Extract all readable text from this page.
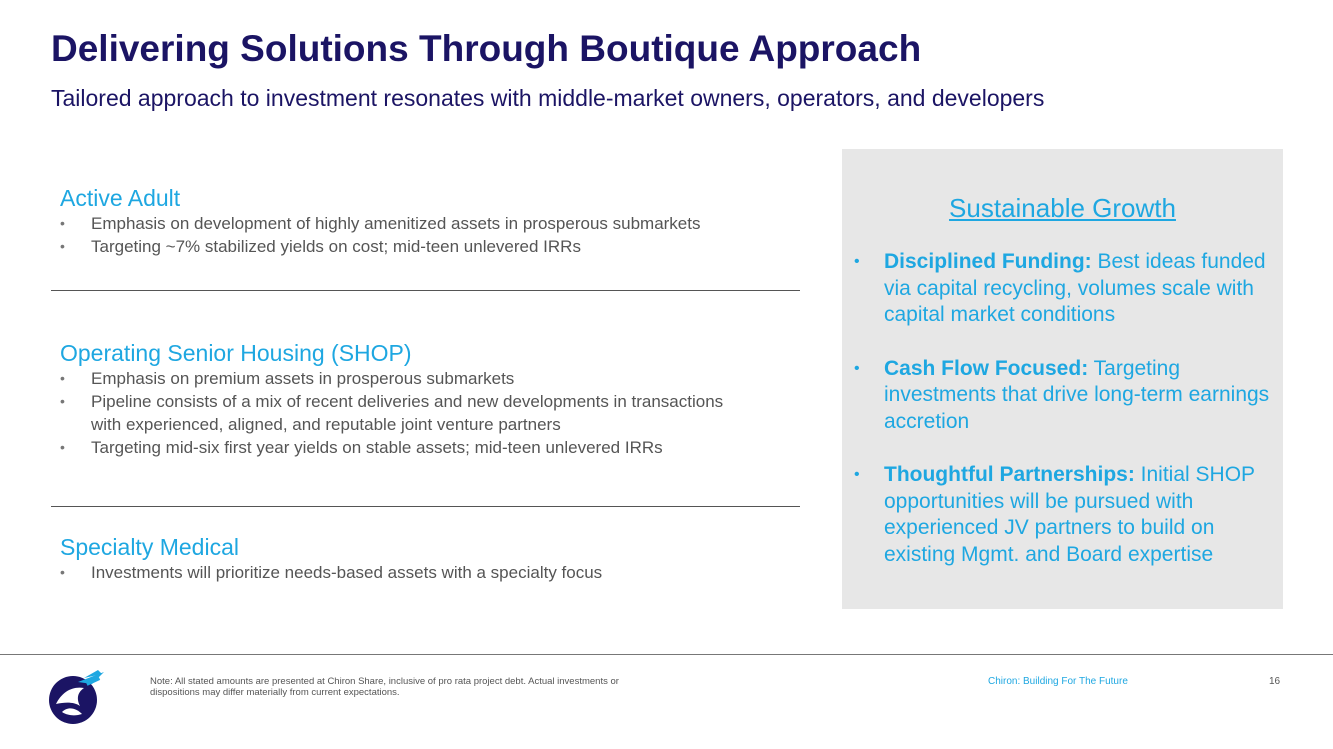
Delivering Solutions Through Boutique Approach
Tailored approach to investment resonates with middle-market owners, operators, and developers
Active Adult
• Emphasis on development of highly amenitized assets in prosperous submarkets
• Targeting ~7% stabilized yields on cost; mid-teen unlevered IRRs
Operating Senior Housing (SHOP)
• Emphasis on premium assets in prosperous submarkets
• Pipeline consists of a mix of recent deliveries and new developments in transactions with experienced, aligned, and reputable joint venture partners
• Targeting mid-six first year yields on stable assets; mid-teen unlevered IRRs
Specialty Medical
• Investments will prioritize needs-based assets with a specialty focus
Sustainable Growth
• Disciplined Funding: Best ideas funded via capital recycling, volumes scale with capital market conditions
• Cash Flow Focused: Targeting investments that drive long-term earnings accretion
• Thoughtful Partnerships: Initial SHOP opportunities will be pursued with experienced JV partners to build on existing Mgmt. and Board expertise
Note: All stated amounts are presented at Chiron Share, inclusive of pro rata project debt. Actual investments or dispositions may differ materially from current expectations.
Chiron: Building For The Future	16
